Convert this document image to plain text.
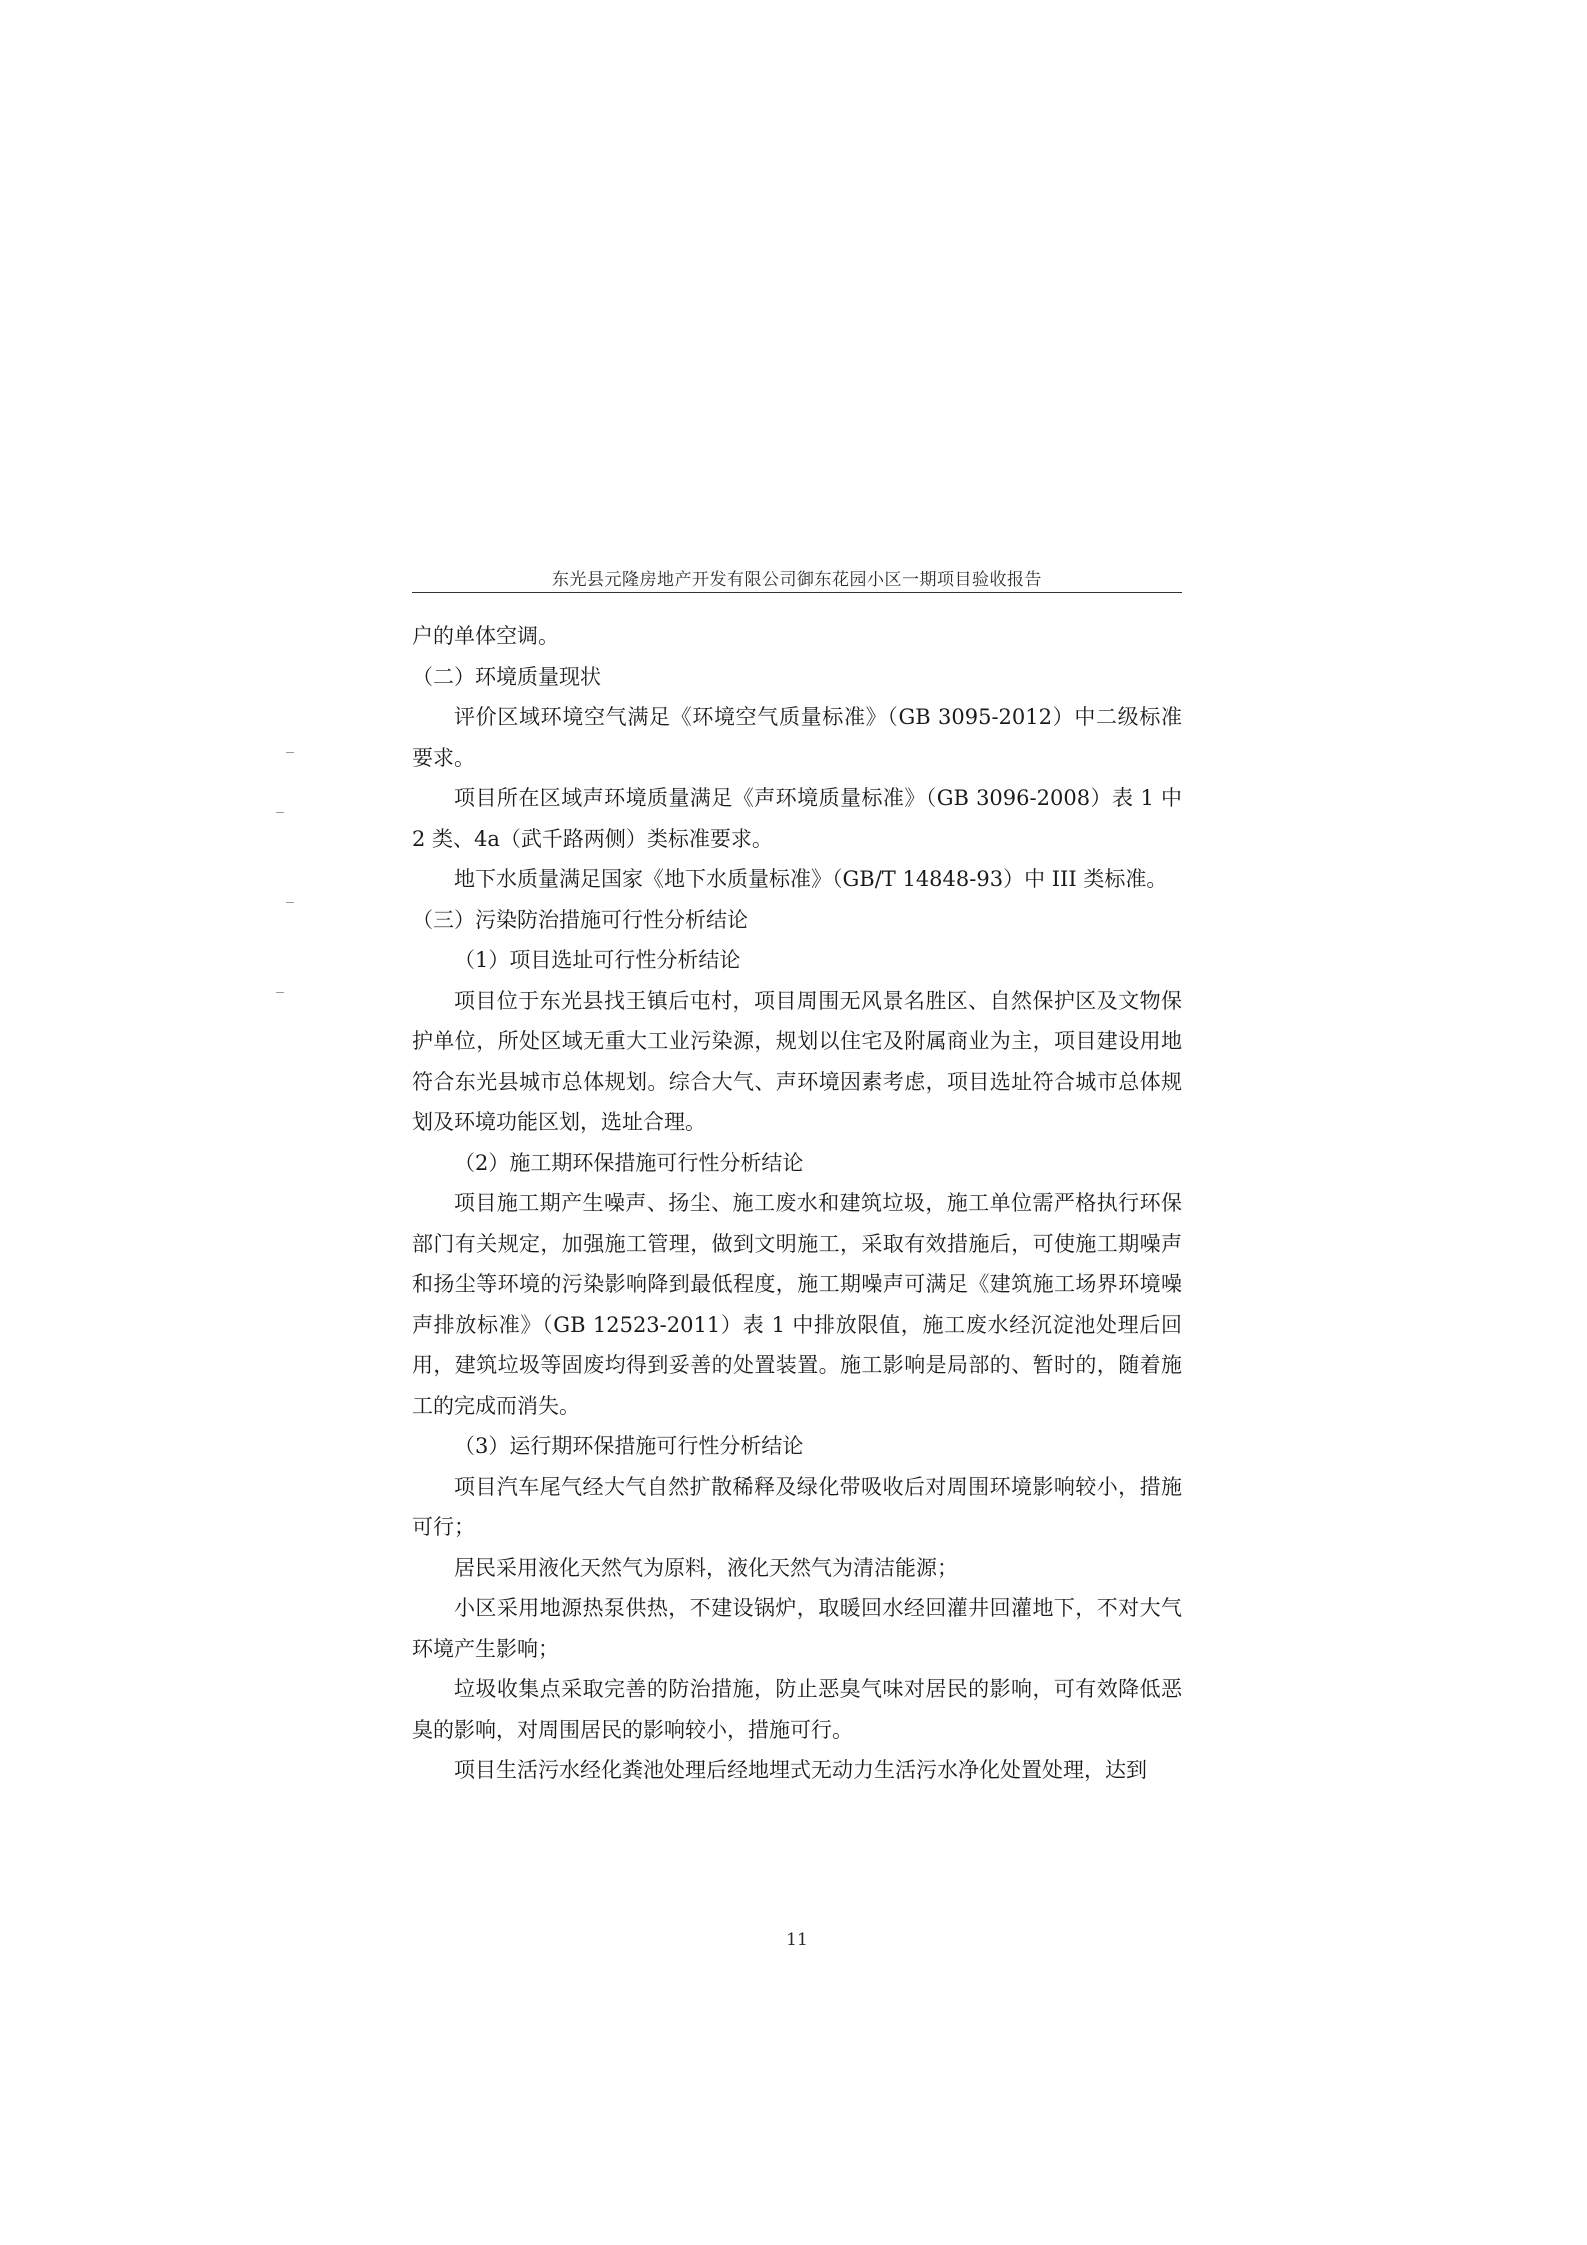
东光县元隆房地产开发有限公司御东花园小区一期项目验收报告

户的单体空调。

（二）环境质量现状

评价区域环境空气满足《环境空气质量标准》（GB 3095-2012）中二级标准要求。

项目所在区域声环境质量满足《声环境质量标准》（GB 3096-2008）表 1 中 2 类、4a（武千路两侧）类标准要求。

地下水质量满足国家《地下水质量标准》（GB/T 14848-93）中 III 类标准。

（三）污染防治措施可行性分析结论

（1）项目选址可行性分析结论

项目位于东光县找王镇后屯村，项目周围无风景名胜区、自然保护区及文物保护单位，所处区域无重大工业污染源，规划以住宅及附属商业为主，项目建设用地符合东光县城市总体规划。综合大气、声环境因素考虑，项目选址符合城市总体规划及环境功能区划，选址合理。

（2）施工期环保措施可行性分析结论

项目施工期产生噪声、扬尘、施工废水和建筑垃圾，施工单位需严格执行环保部门有关规定，加强施工管理，做到文明施工，采取有效措施后，可使施工期噪声和扬尘等环境的污染影响降到最低程度，施工期噪声可满足《建筑施工场界环境噪声排放标准》（GB 12523-2011）表 1 中排放限值，施工废水经沉淀池处理后回用，建筑垃圾等固废均得到妥善的处置装置。施工影响是局部的、暂时的，随着施工的完成而消失。

（3）运行期环保措施可行性分析结论

项目汽车尾气经大气自然扩散稀释及绿化带吸收后对周围环境影响较小，措施可行；

居民采用液化天然气为原料，液化天然气为清洁能源；

小区采用地源热泵供热，不建设锅炉，取暖回水经回灌井回灌地下，不对大气环境产生影响；

垃圾收集点采取完善的防治措施，防止恶臭气味对居民的影响，可有效降低恶臭的影响，对周围居民的影响较小，措施可行。

项目生活污水经化粪池处理后经地埋式无动力生活污水净化处置处理，达到

11
